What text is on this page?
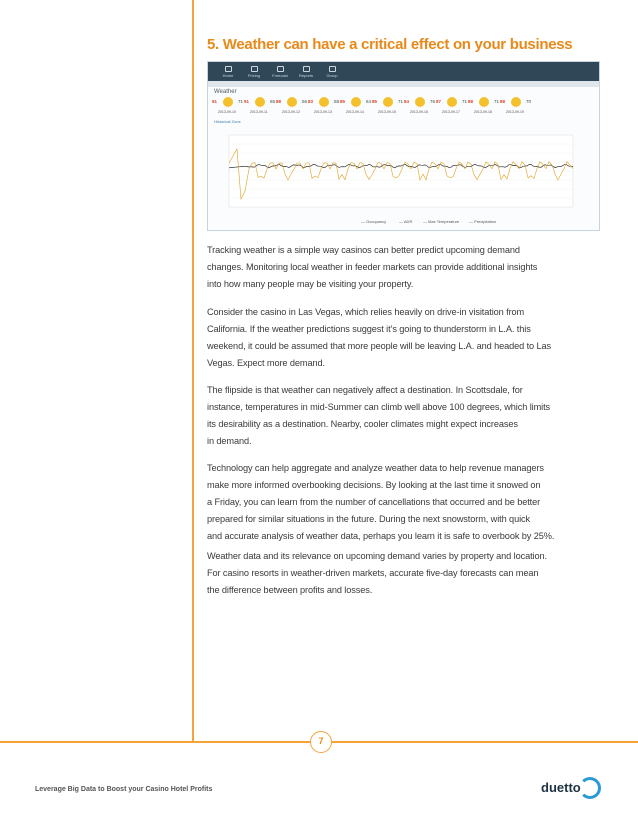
7
5. Weather can have a critical effect on your business
Home	Pricing	Forecast	Reports	Group
Weather
91	71
2013-09-10
91	65
2013-09-11
88	56
2013-09-12
83	58
2013-09-13
85	64
2013-09-14
85	71
2013-09-15
84	76
2013-09-16
87	71
2013-09-17
88	71
2013-09-18
88	70
2013-09-19
Historical Zone
— Occupancy	— ADR	— Max Temperature — Precipitation
Tracking weather is a simple way casinos can better predict upcoming demand
changes. Monitoring local weather in feeder markets can provide additional insights
into how many people may be visiting your property.
Consider the casino in Las Vegas, which relies heavily on drive-in visitation from
California. If the weather predictions suggest it’s going to thunderstorm in L.A. this
weekend, it could be assumed that more people will be leaving L.A. and headed to Las
Vegas. Expect more demand.
The flipside is that weather can negatively affect a destination. In Scottsdale, for
instance, temperatures in mid-Summer can climb well above 100 degrees, which limits
its desirability as a destination. Nearby, cooler climates might expect increases
in demand.
Technology can help aggregate and analyze weather data to help revenue managers
make more informed overbooking decisions. By looking at the last time it snowed on
a Friday, you can learn from the number of cancellations that occurred and be better
prepared for similar situations in the future. During the next snowstorm, with quick
and accurate analysis of weather data, perhaps you learn it is safe to overbook by 25%.
Weather data and its relevance on upcoming demand varies by property and location.
For casino resorts in weather-driven markets, accurate five-day forecasts can mean
the difference between profits and losses.
Leverage Big Data to Boost your Casino Hotel Profits	duetto
